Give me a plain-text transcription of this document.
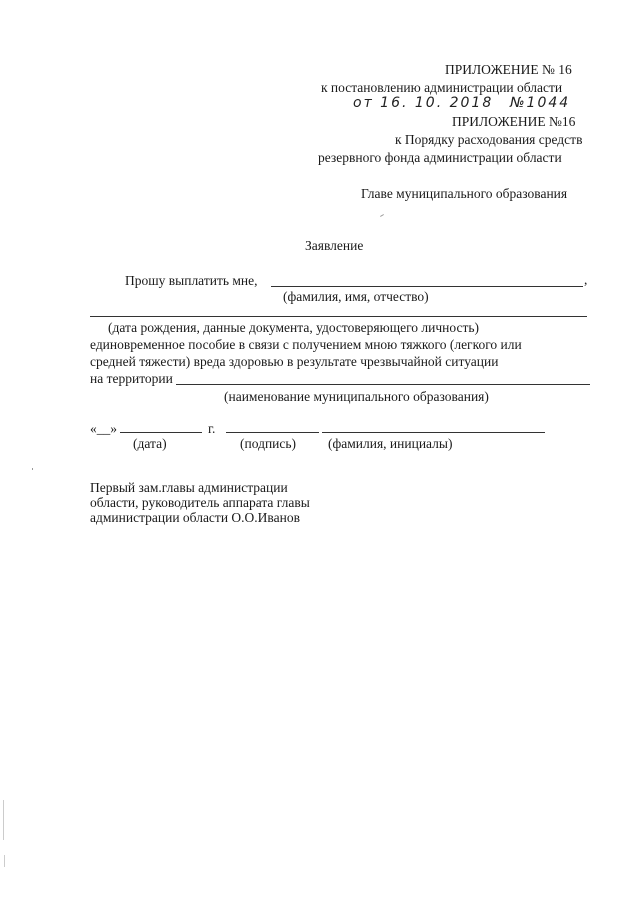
ПРИЛОЖЕНИЕ № 16
к постановлению администрации области
от 16. 10. 2018 №1044
ПРИЛОЖЕНИЕ №16
к Порядку расходования средств
резервного фонда администрации области
Главе муниципального образования
Заявление
Прошу выплатить мне,	,
(фамилия, имя, отчество)
(дата рождения, данные документа, удостоверяющего личность)
единовременное пособие в связи с получением мною тяжкого (легкого или
средней тяжести) вреда здоровью в результате чрезвычайной ситуации
на территории
(наименование муниципального образования)
«__»	г.
(дата)	(подпись) (фамилия, инициалы)
Первый зам.главы администрации
области, руководитель аппарата главы
администрации области О.О.Иванов
